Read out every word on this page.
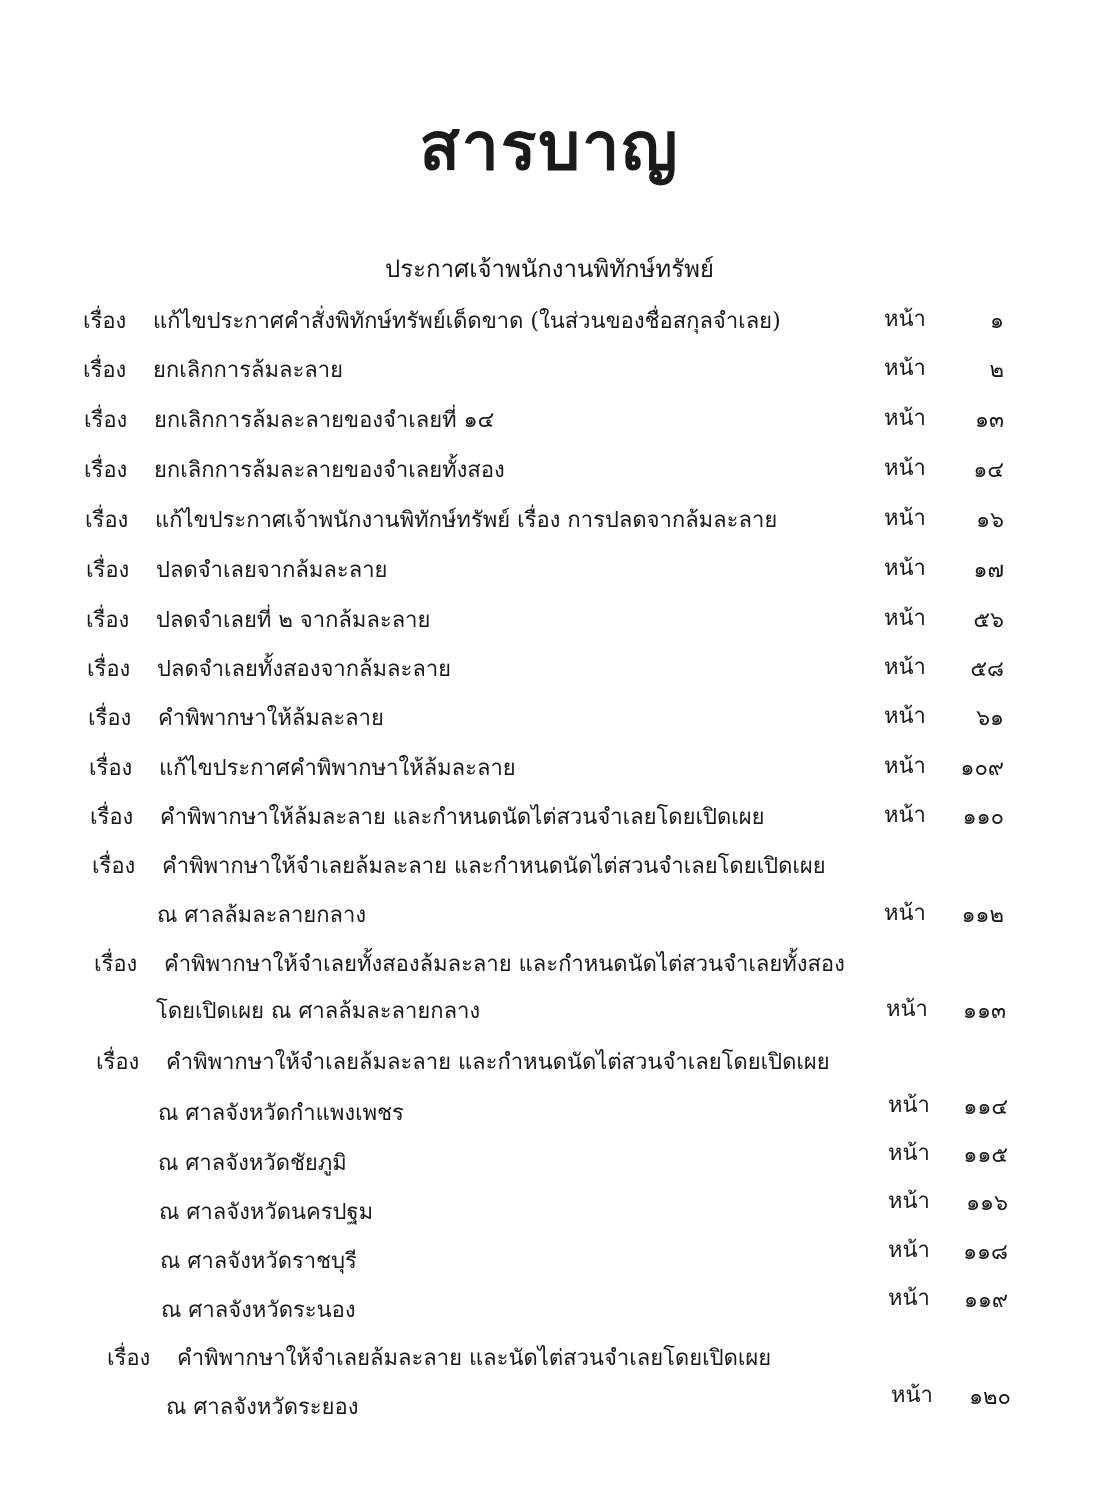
สารบาญ
ประกาศเจ้าพนักงานพิทักษ์ทรัพย์
เรื่อง แก้ไขประกาศคำสั่งพิทักษ์ทรัพย์เด็ดขาด (ในส่วนของชื่อสกุลจำเลย)	หน้า	๑
เรื่อง ยกเลิกการล้มละลาย	หน้า	๒
เรื่อง ยกเลิกการล้มละลายของจำเลยที่ ๑๔	หน้า	๑๓
เรื่อง ยกเลิกการล้มละลายของจำเลยทั้งสอง	หน้า	๑๔
เรื่อง แก้ไขประกาศเจ้าพนักงานพิทักษ์ทรัพย์ เรื่อง การปลดจากล้มละลาย	หน้า	๑๖
เรื่อง ปลดจำเลยจากล้มละลาย	หน้า	๑๗
เรื่อง ปลดจำเลยที่ ๒ จากล้มละลาย	หน้า	๕๖
เรื่อง ปลดจำเลยทั้งสองจากล้มละลาย	หน้า	๕๘
เรื่อง คำพิพากษาให้ล้มละลาย	หน้า	๖๑
เรื่อง แก้ไขประกาศคำพิพากษาให้ล้มละลาย	หน้า	๑๐๙
เรื่อง คำพิพากษาให้ล้มละลาย และกำหนดนัดไต่สวนจำเลยโดยเปิดเผย	หน้า	๑๑๐
เรื่อง คำพิพากษาให้จำเลยล้มละลาย และกำหนดนัดไต่สวนจำเลยโดยเปิดเผย
ณ ศาลล้มละลายกลาง	หน้า	๑๑๒
เรื่อง คำพิพากษาให้จำเลยทั้งสองล้มละลาย และกำหนดนัดไต่สวนจำเลยทั้งสอง
โดยเปิดเผย ณ ศาลล้มละลายกลาง	หน้า	๑๑๓
เรื่อง คำพิพากษาให้จำเลยล้มละลาย และกำหนดนัดไต่สวนจำเลยโดยเปิดเผย
ณ ศาลจังหวัดกำแพงเพชร	หน้า	๑๑๔
ณ ศาลจังหวัดชัยภูมิ	หน้า	๑๑๕
ณ ศาลจังหวัดนครปฐม	หน้า	๑๑๖
ณ ศาลจังหวัดราชบุรี	หน้า	๑๑๘
ณ ศาลจังหวัดระนอง	หน้า	๑๑๙
เรื่อง คำพิพากษาให้จำเลยล้มละลาย และนัดไต่สวนจำเลยโดยเปิดเผย
ณ ศาลจังหวัดระยอง	หน้า	๑๒๐
